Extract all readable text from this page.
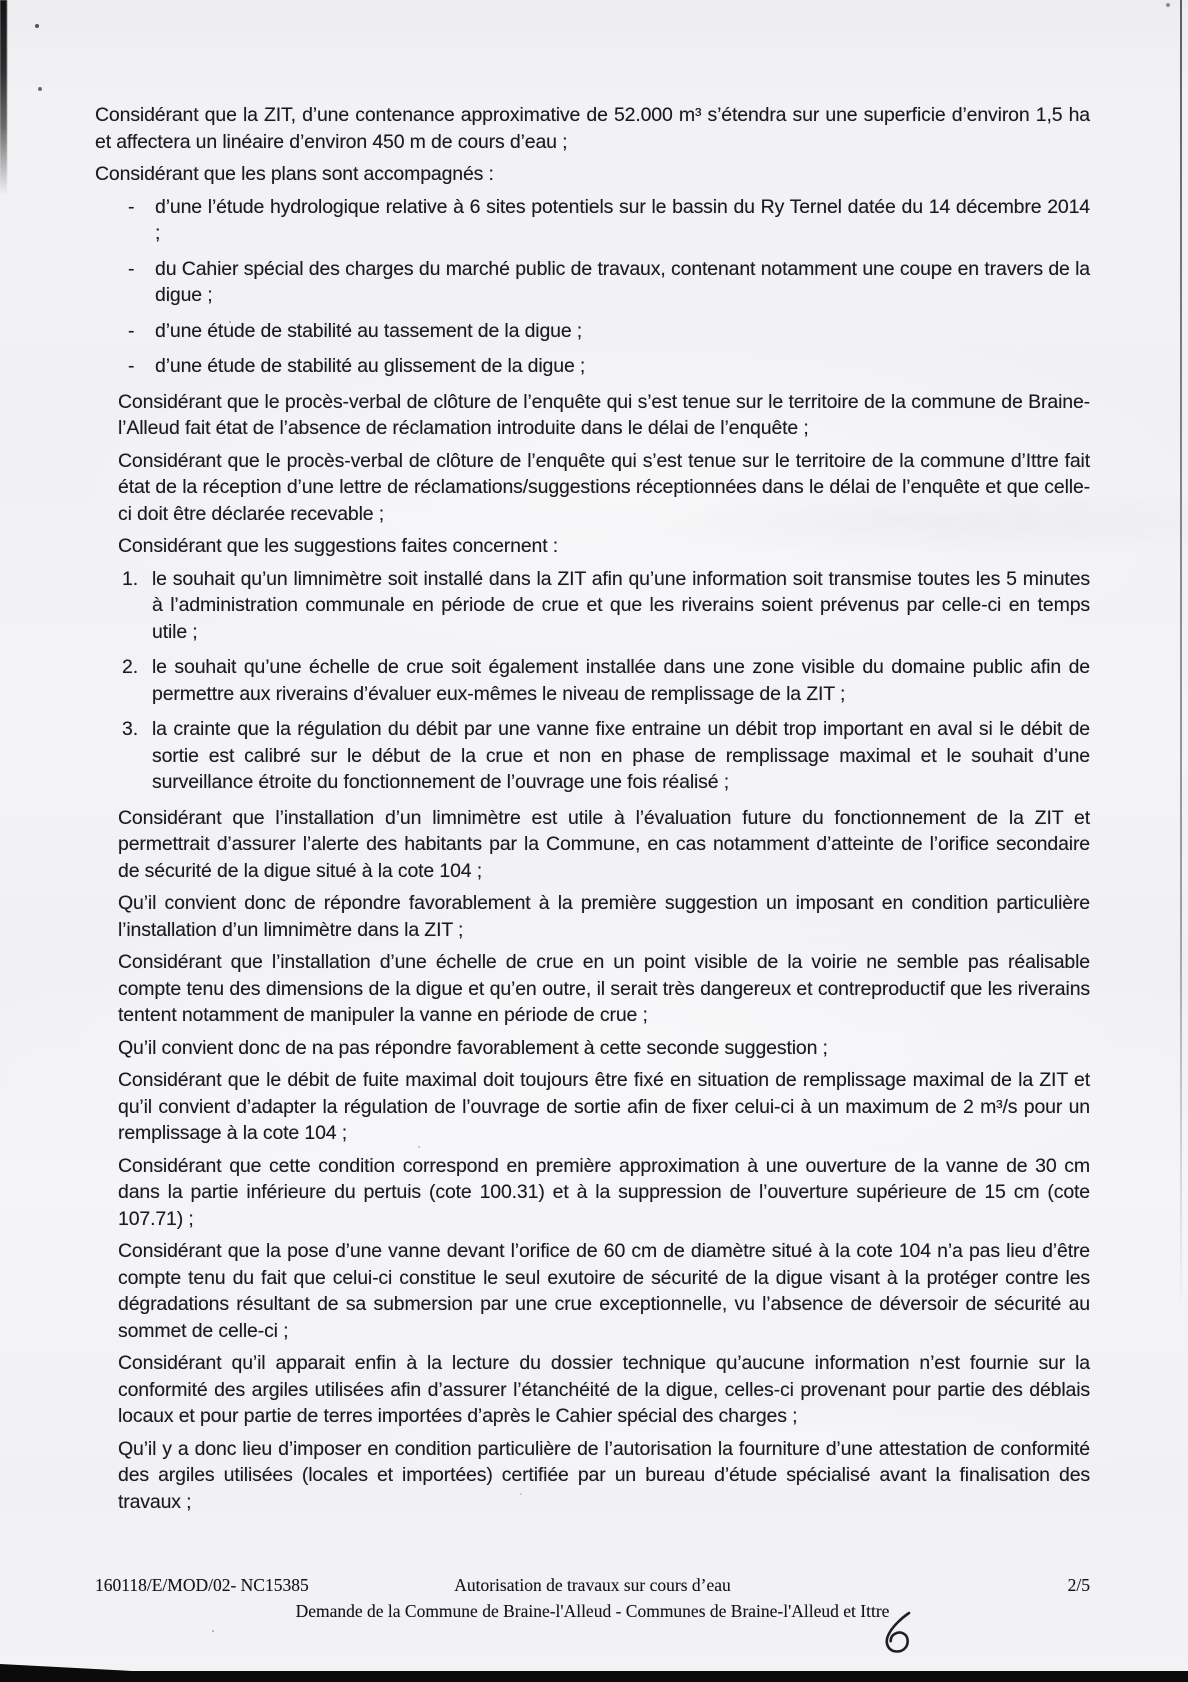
Considérant que la ZIT, d’une contenance approximative de 52.000 m³ s’étendra sur une superficie d’environ 1,5 ha et affectera un linéaire d’environ 450 m de cours d’eau ;
Considérant que les plans sont accompagnés :
-	d’une l’étude hydrologique relative à 6 sites potentiels sur le bassin du Ry Ternel datée du 14 décembre 2014 ;
-	du Cahier spécial des charges du marché public de travaux, contenant notamment une coupe en travers de la digue ;
-	d’une étude de stabilité au tassement de la digue ;
-	d’une étude de stabilité au glissement de la digue ;
Considérant que le procès-verbal de clôture de l’enquête qui s’est tenue sur le territoire de la commune de Braine-l’Alleud fait état de l’absence de réclamation introduite dans le délai de l’enquête ;
Considérant que le procès-verbal de clôture de l’enquête qui s’est tenue sur le territoire de la commune d’Ittre fait état de la réception d’une lettre de réclamations/suggestions réceptionnées dans le délai de l’enquête et que celle-ci doit être déclarée recevable ;
Considérant que les suggestions faites concernent :
1. le souhait qu’un limnimètre soit installé dans la ZIT afin qu’une information soit transmise toutes les 5 minutes à l’administration communale en période de crue et que les riverains soient prévenus par celle-ci en temps utile ;
2. le souhait qu’une échelle de crue soit également installée dans une zone visible du domaine public afin de permettre aux riverains d’évaluer eux-mêmes le niveau de remplissage de la ZIT ;
3. la crainte que la régulation du débit par une vanne fixe entraine un débit trop important en aval si le débit de sortie est calibré sur le début de la crue et non en phase de remplissage maximal et le souhait d’une surveillance étroite du fonctionnement de l’ouvrage une fois réalisé ;
Considérant que l’installation d’un limnimètre est utile à l’évaluation future du fonctionnement de la ZIT et permettrait d’assurer l’alerte des habitants par la Commune, en cas notamment d’atteinte de l’orifice secondaire de sécurité de la digue situé à la cote 104 ;
Qu’il convient donc de répondre favorablement à la première suggestion un imposant en condition particulière l’installation d’un limnimètre dans la ZIT ;
Considérant que l’installation d’une échelle de crue en un point visible de la voirie ne semble pas réalisable compte tenu des dimensions de la digue et qu’en outre, il serait très dangereux et contreproductif que les riverains tentent notamment de manipuler la vanne en période de crue ;
Qu’il convient donc de na pas répondre favorablement à cette seconde suggestion ;
Considérant que le débit de fuite maximal doit toujours être fixé en situation de remplissage maximal de la ZIT et qu’il convient d’adapter la régulation de l’ouvrage de sortie afin de fixer celui-ci à un maximum de 2 m³/s pour un remplissage à la cote 104 ;
Considérant que cette condition correspond en première approximation à une ouverture de la vanne de 30 cm dans la partie inférieure du pertuis (cote 100.31) et à la suppression de l’ouverture supérieure de 15 cm (cote 107.71) ;
Considérant que la pose d’une vanne devant l’orifice de 60 cm de diamètre situé à la cote 104 n’a pas lieu d’être compte tenu du fait que celui-ci constitue le seul exutoire de sécurité de la digue visant à la protéger contre les dégradations résultant de sa submersion par une crue exceptionnelle, vu l’absence de déversoir de sécurité au sommet de celle-ci ;
Considérant qu’il apparait enfin à la lecture du dossier technique qu’aucune information n’est fournie sur la conformité des argiles utilisées afin d’assurer l’étanchéité de la digue, celles-ci provenant pour partie des déblais locaux et pour partie de terres importées d’après le Cahier spécial des charges ;
Qu’il y a donc lieu d’imposer en condition particulière de l’autorisation la fourniture d’une attestation de conformité des argiles utilisées (locales et importées) certifiée par un bureau d’étude spécialisé avant la finalisation des travaux ;
160118/E/MOD/02- NC15385	Autorisation de travaux sur cours d’eau	2/5
Demande de la Commune de Braine-l'Alleud - Communes de Braine-l'Alleud et Ittre
